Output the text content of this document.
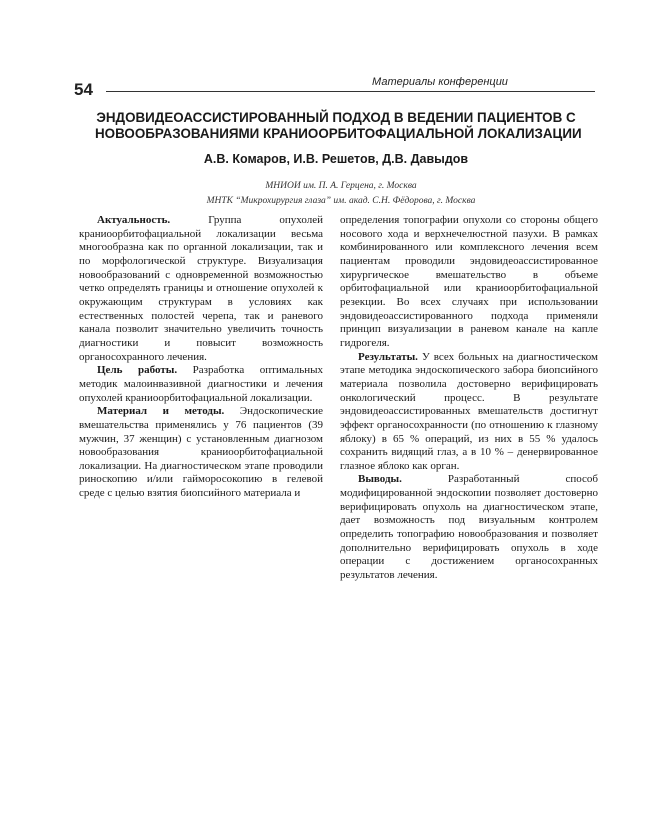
54	Материалы конференции
ЭНДОВИДЕОАССИСТИРОВАННЫЙ ПОДХОД В ВЕДЕНИИ ПАЦИЕНТОВ С
НОВООБРАЗОВАНИЯМИ КРАНИООРБИТОФАЦИАЛЬНОЙ ЛОКАЛИЗАЦИИ
А.В. Комаров, И.В. Решетов, Д.В. Давыдов
МНИОИ им. П. А. Герцена, г. Москва
МНТК “Микрохирургия глаза” им. акад. С.Н. Фёдорова, г. Москва

Актуальность. Группа опухолей краниоорбитофациальной локализации весьма многообразна как по органной локализации, так и по морфологической структуре. Визуализация новообразований с одновременной возможностью четко определять границы и отношение опухолей к окружающим структурам в условиях как естественных полостей черепа, так и раневого канала позволит значительно увеличить точность диагностики и повысит возможность органосохранного лечения.

Цель работы. Разработка оптимальных методик малоинвазивной диагностики и лечения опухолей краниоорбитофациальной локализации.

Материал и методы. Эндоскопические вмешательства применялись у 76 пациентов (39 мужчин, 37 женщин) с установленным диагнозом новообразования краниоорбитофациальной локализации. На диагностическом этапе проводили риноскопию и/или гайморосокопию в гелевой среде с целью взятия биопсийного материала и

определения топографии опухоли со стороны общего носового хода и верхнечелюстной пазухи. В рамках комбинированного или комплексного лечения всем пациентам проводили эндовидеоассистированное хирургическое вмешательство в объеме орбитофациальной или краниоорбитофациальной резекции. Во всех случаях при использовании эндовидеоассистированного подхода применяли принцип визуализации в раневом канале на капле гидрогеля.

Результаты. У всех больных на диагностическом этапе методика эндоскопического забора биопсийного материала позволила достоверно верифицировать онкологический процесс. В результате эндовидеоассистированных вмешательств достигнут эффект органосохранности (по отношению к глазному яблоку) в 65 % операций, из них в 55 % удалось сохранить видящий глаз, а в 10 % – денервированное глазное яблоко как орган.

Выводы. Разработанный способ модифицированной эндоскопии позволяет достоверно верифицировать опухоль на диагностическом этапе, дает возможность под визуальным контролем определить топографию новообразования и позволяет дополнительно верифицировать опухоль в ходе операции с достижением органосохранных результатов лечения.
